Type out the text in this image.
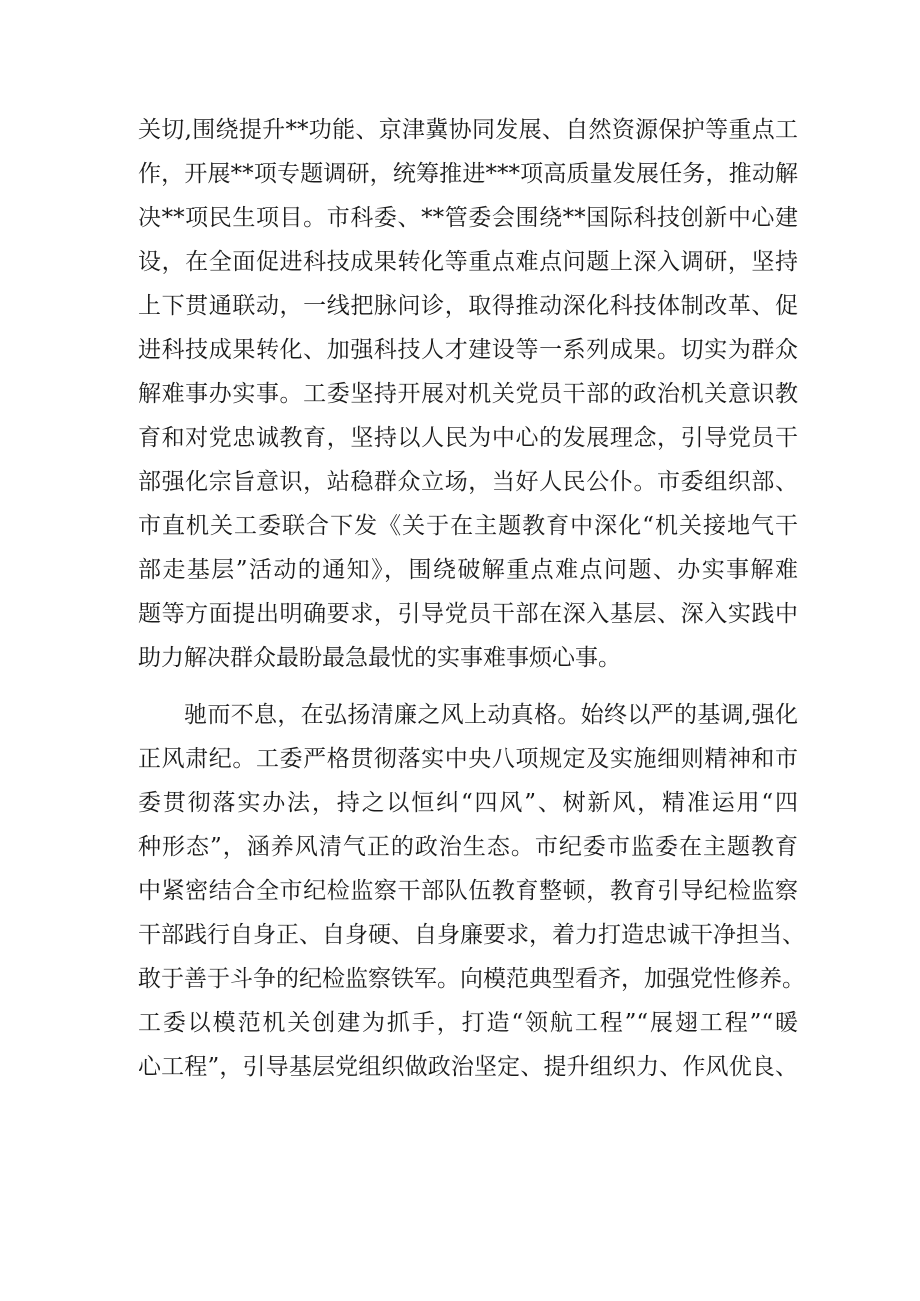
关切,围绕提升**功能、京津冀协同发展、自然资源保护等重点工
作，开展**项专题调研，统筹推进***项高质量发展任务，推动解
决**项民生项目。市科委、**管委会围绕**国际科技创新中心建
设，在全面促进科技成果转化等重点难点问题上深入调研，坚持
上下贯通联动，一线把脉问诊，取得推动深化科技体制改革、促
进科技成果转化、加强科技人才建设等一系列成果。切实为群众
解难事办实事。工委坚持开展对机关党员干部的政治机关意识教
育和对党忠诚教育，坚持以人民为中心的发展理念，引导党员干
部强化宗旨意识，站稳群众立场，当好人民公仆。市委组织部、
市直机关工委联合下发《关于在主题教育中深化“机关接地气干
部走基层”活动的通知》，围绕破解重点难点问题、办实事解难
题等方面提出明确要求，引导党员干部在深入基层、深入实践中
助力解决群众最盼最急最忧的实事难事烦心事。
驰而不息，在弘扬清廉之风上动真格。始终以严的基调,强化
正风肃纪。工委严格贯彻落实中央八项规定及实施细则精神和市
委贯彻落实办法，持之以恒纠“四风”、树新风，精准运用“四
种形态”，涵养风清气正的政治生态。市纪委市监委在主题教育
中紧密结合全市纪检监察干部队伍教育整顿，教育引导纪检监察
干部践行自身正、自身硬、自身廉要求，着力打造忠诚干净担当、
敢于善于斗争的纪检监察铁军。向模范典型看齐，加强党性修养。
工委以模范机关创建为抓手，打造“领航工程”“展翅工程”“暖
心工程”，引导基层党组织做政治坚定、提升组织力、作风优良、
